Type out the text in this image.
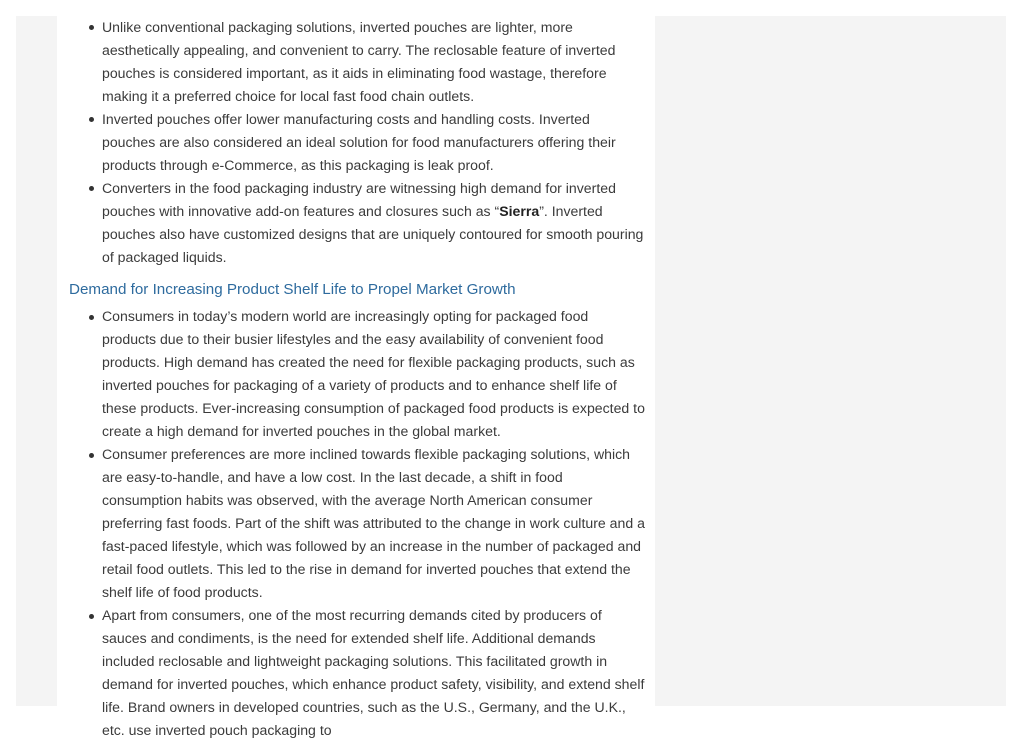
Unlike conventional packaging solutions, inverted pouches are lighter, more aesthetically appealing, and convenient to carry. The reclosable feature of inverted pouches is considered important, as it aids in eliminating food wastage, therefore making it a preferred choice for local fast food chain outlets.
Inverted pouches offer lower manufacturing costs and handling costs. Inverted pouches are also considered an ideal solution for food manufacturers offering their products through e-Commerce, as this packaging is leak proof.
Converters in the food packaging industry are witnessing high demand for inverted pouches with innovative add-on features and closures such as “Sierra”. Inverted pouches also have customized designs that are uniquely contoured for smooth pouring of packaged liquids.
Demand for Increasing Product Shelf Life to Propel Market Growth
Consumers in today’s modern world are increasingly opting for packaged food products due to their busier lifestyles and the easy availability of convenient food products. High demand has created the need for flexible packaging products, such as inverted pouches for packaging of a variety of products and to enhance shelf life of these products. Ever-increasing consumption of packaged food products is expected to create a high demand for inverted pouches in the global market.
Consumer preferences are more inclined towards flexible packaging solutions, which are easy-to-handle, and have a low cost. In the last decade, a shift in food consumption habits was observed, with the average North American consumer preferring fast foods. Part of the shift was attributed to the change in work culture and a fast-paced lifestyle, which was followed by an increase in the number of packaged and retail food outlets. This led to the rise in demand for inverted pouches that extend the shelf life of food products.
Apart from consumers, one of the most recurring demands cited by producers of sauces and condiments, is the need for extended shelf life. Additional demands included reclosable and lightweight packaging solutions. This facilitated growth in demand for inverted pouches, which enhance product safety, visibility, and extend shelf life. Brand owners in developed countries, such as the U.S., Germany, and the U.K., etc. use inverted pouch packaging to
